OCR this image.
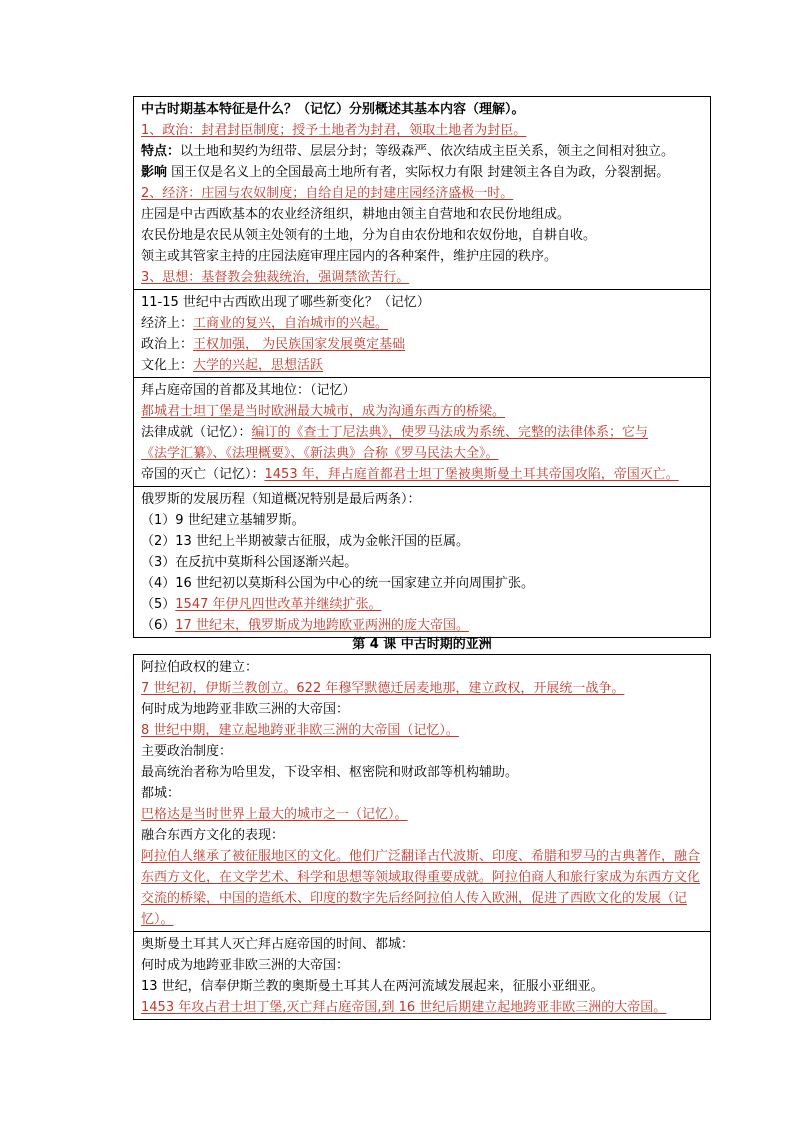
中古时期基本特征是什么？（记忆）分别概述其基本内容（理解）。
1、政治：封君封臣制度；授予土地者为封君，领取土地者为封臣。
特点：以土地和契约为纽带、层层分封；等级森严、依次结成主臣关系，领主之间相对独立。
影响 国王仅是名义上的全国最高土地所有者，实际权力有限 封建领主各自为政，分裂割据。
2、经济：庄园与农奴制度；自给自足的封建庄园经济盛极一时。
庄园是中古西欧基本的农业经济组织，耕地由领主自营地和农民份地组成。
农民份地是农民从领主处领有的土地，分为自由农份地和农奴份地，自耕自收。
领主或其管家主持的庄园法庭审理庄园内的各种案件，维护庄园的秩序。
3、思想：基督教会独裁统治，强调禁欲苦行。
11-15 世纪中古西欧出现了哪些新变化？（记忆）
经济上：工商业的复兴，自治城市的兴起。
政治上：王权加强， 为民族国家发展奠定基础
文化上：大学的兴起，思想活跃
拜占庭帝国的首都及其地位：（记忆）
都城君士坦丁堡是当时欧洲最大城市，成为沟通东西方的桥梁。
法律成就（记忆）：编订的《查士丁尼法典》，使罗马法成为系统、完整的法律体系；它与
《法学汇纂》、《法理概要》、《新法典》合称《罗马民法大全》。
帝国的灭亡（记忆）：1453 年，拜占庭首都君士坦丁堡被奥斯曼土耳其帝国攻陷，帝国灭亡。
俄罗斯的发展历程（知道概况特别是最后两条）：
（1）9 世纪建立基辅罗斯。
（2）13 世纪上半期被蒙古征服，成为金帐汗国的臣属。
（3）在反抗中莫斯科公国逐渐兴起。
（4）16 世纪初以莫斯科公国为中心的统一国家建立并向周围扩张。
（5）1547 年伊凡四世改革并继续扩张。
（6）17 世纪末，俄罗斯成为地跨欧亚两洲的庞大帝国。
第 4 课 中古时期的亚洲
阿拉伯政权的建立：
7 世纪初，伊斯兰教创立。622 年穆罕默德迁居麦地那，建立政权，开展统一战争。
何时成为地跨亚非欧三洲的大帝国：
8 世纪中期，建立起地跨亚非欧三洲的大帝国（记忆）。
主要政治制度：
最高统治者称为哈里发，下设宰相、枢密院和财政部等机构辅助。
都城：
巴格达是当时世界上最大的城市之一（记忆）。
融合东西方文化的表现：
阿拉伯人继承了被征服地区的文化。他们广泛翻译古代波斯、印度、希腊和罗马的古典著作，融合东西方文化，在文学艺术、科学和思想等领域取得重要成就。阿拉伯商人和旅行家成为东西方文化交流的桥梁，中国的造纸术、印度的数字先后经阿拉伯人传入欧洲，促进了西欧文化的发展（记忆）。
奥斯曼土耳其人灭亡拜占庭帝国的时间、都城：
何时成为地跨亚非欧三洲的大帝国：
13 世纪，信奉伊斯兰教的奥斯曼土耳其人在两河流域发展起来，征服小亚细亚。
1453 年攻占君士坦丁堡,灭亡拜占庭帝国,到 16 世纪后期建立起地跨亚非欧三洲的大帝国。
